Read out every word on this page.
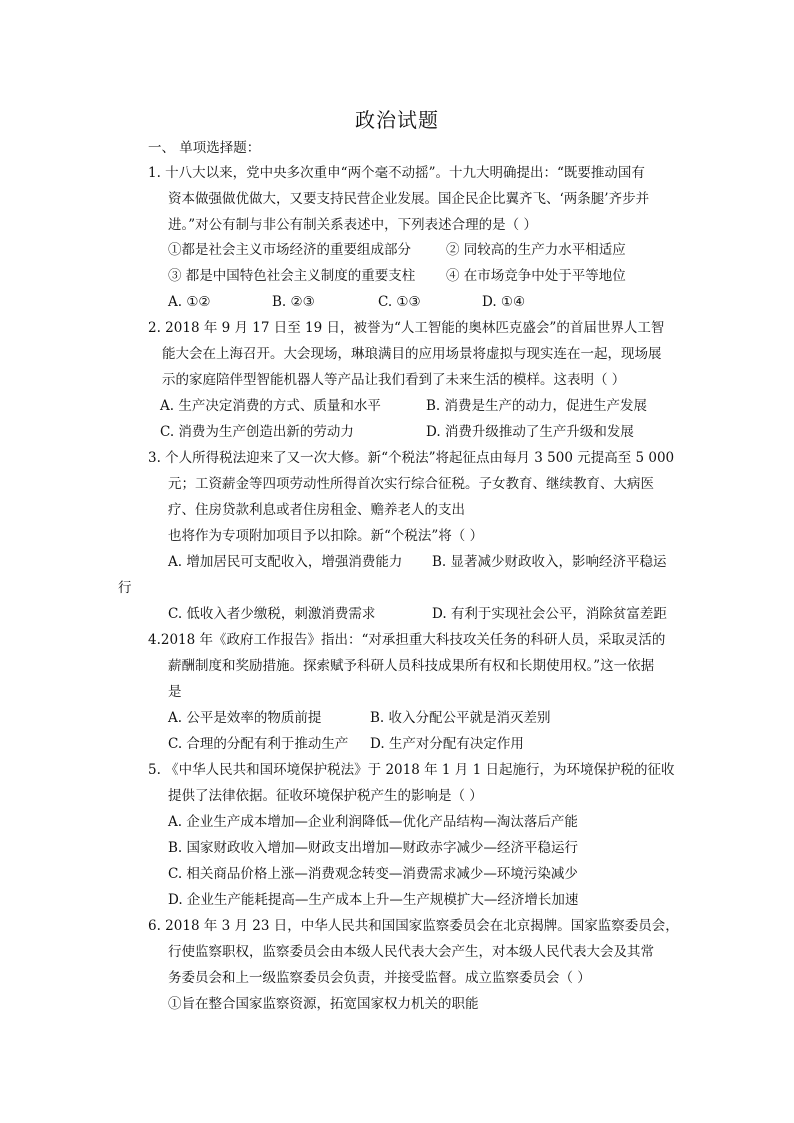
政治试题
一、 单项选择题：
1. 十八大以来，党中央多次重申“两个毫不动摇”。十九大明确提出：“既要推动国有
资本做强做优做大，又要支持民营企业发展。国企民企比翼齐飞、‘两条腿’齐步并
进。”对公有制与非公有制关系表述中，下列表述合理的是（ ）
①都是社会主义市场经济的重要组成部分	② 同较高的生产力水平相适应
③ 都是中国特色社会主义制度的重要支柱 ④ 在市场竞争中处于平等地位
A. ①②	B. ②③	C. ①③	D. ①④
2. 2018 年 9 月 17 日至 19 日，被誉为“人工智能的奥林匹克盛会”的首届世界人工智
能大会在上海召开。大会现场，琳琅满目的应用场景将虚拟与现实连在一起，现场展
示的家庭陪伴型智能机器人等产品让我们看到了未来生活的模样。这表明（ ）
A. 生产决定消费的方式、质量和水平	B. 消费是生产的动力，促进生产发展
C. 消费为生产创造出新的劳动力	D. 消费升级推动了生产升级和发展
3. 个人所得税法迎来了又一次大修。新“个税法”将起征点由每月 3 500 元提高至 5 000
元；工资薪金等四项劳动性所得首次实行综合征税。子女教育、继续教育、大病医
疗、住房贷款利息或者住房租金、赡养老人的支出
也将作为专项附加项目予以扣除。新“个税法”将（ ）
A. 增加居民可支配收入，增强消费能力 B. 显著减少财政收入，影响经济平稳运
行
C. 低收入者少缴税，刺激消费需求	D. 有利于实现社会公平，消除贫富差距
4.2018 年《政府工作报告》指出：“对承担重大科技攻关任务的科研人员，采取灵活的
薪酬制度和奖励措施。探索赋予科研人员科技成果所有权和长期使用权。”这一依据
是
A. 公平是效率的物质前提	B. 收入分配公平就是消灭差别
C. 合理的分配有利于推动生产 D. 生产对分配有决定作用
5. 《中华人民共和国环境保护税法》于 2018 年 1 月 1 日起施行，为环境保护税的征收
提供了法律依据。征收环境保护税产生的影响是（ ）
A. 企业生产成本增加—企业利润降低—优化产品结构—淘汰落后产能
B. 国家财政收入增加—财政支出增加—财政赤字减少—经济平稳运行
C. 相关商品价格上涨—消费观念转变—消费需求减少—环境污染减少
D. 企业生产能耗提高—生产成本上升—生产规模扩大—经济增长加速
6. 2018 年 3 月 23 日，中华人民共和国国家监察委员会在北京揭牌。国家监察委员会，
行使监察职权，监察委员会由本级人民代表大会产生，对本级人民代表大会及其常
务委员会和上一级监察委员会负责，并接受监督。成立监察委员会（ ）
①旨在整合国家监察资源，拓宽国家权力机关的职能
